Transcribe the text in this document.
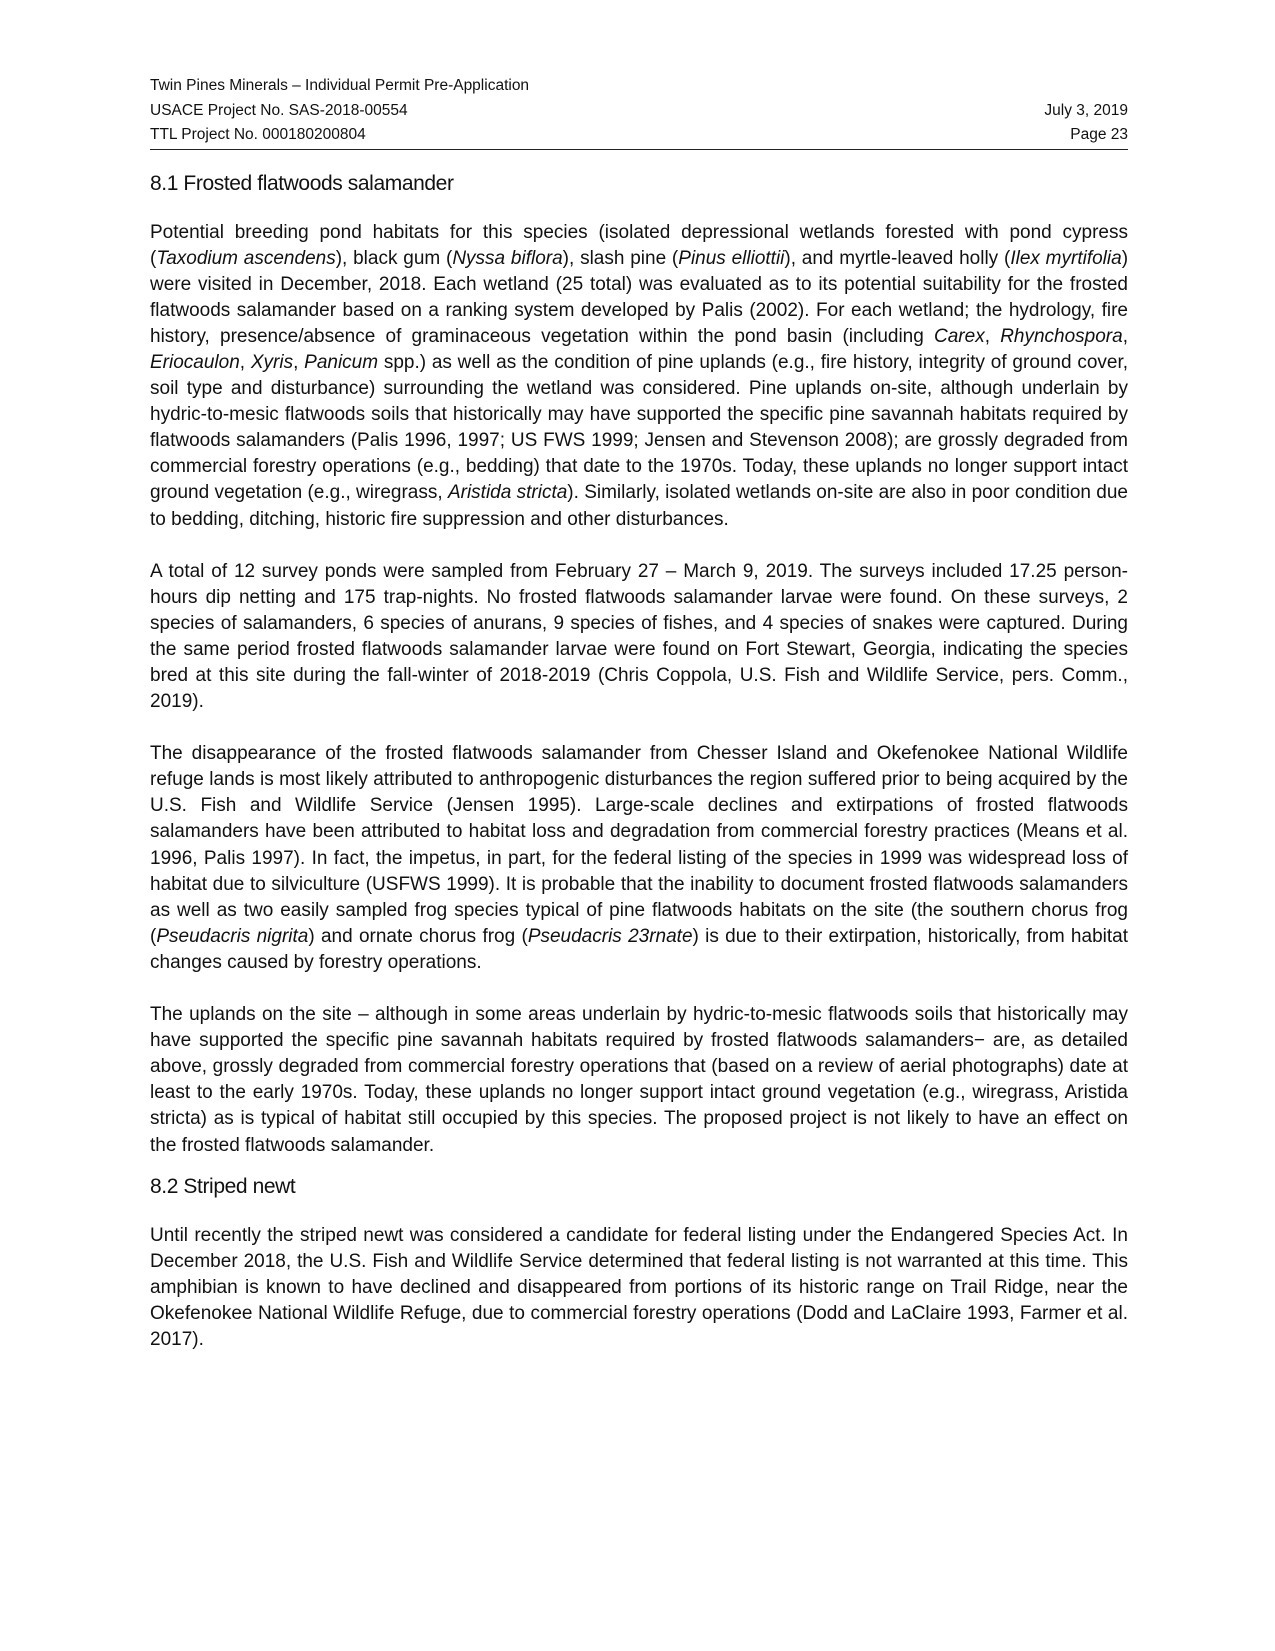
Twin Pines Minerals – Individual Permit Pre-Application
USACE Project No. SAS-2018-00554	July 3, 2019
TTL Project No. 000180200804	Page 23
8.1 Frosted flatwoods salamander

Potential breeding pond habitats for this species (isolated depressional wetlands forested with pond cypress (Taxodium ascendens), black gum (Nyssa biflora), slash pine (Pinus elliottii), and myrtle-leaved holly (Ilex myrtifolia) were visited in December, 2018. Each wetland (25 total) was evaluated as to its potential suitability for the frosted flatwoods salamander based on a ranking system developed by Palis (2002). For each wetland; the hydrology, fire history, presence/absence of graminaceous vegetation within the pond basin (including Carex, Rhynchospora, Eriocaulon, Xyris, Panicum spp.) as well as the condition of pine uplands (e.g., fire history, integrity of ground cover, soil type and disturbance) surrounding the wetland was considered. Pine uplands on-site, although underlain by hydric-to-mesic flatwoods soils that historically may have supported the specific pine savannah habitats required by flatwoods salamanders (Palis 1996, 1997; US FWS 1999; Jensen and Stevenson 2008); are grossly degraded from commercial forestry operations (e.g., bedding) that date to the 1970s. Today, these uplands no longer support intact ground vegetation (e.g., wiregrass, Aristida stricta). Similarly, isolated wetlands on-site are also in poor condition due to bedding, ditching, historic fire suppression and other disturbances.

A total of 12 survey ponds were sampled from February 27 – March 9, 2019. The surveys included 17.25 person-hours dip netting and 175 trap-nights. No frosted flatwoods salamander larvae were found. On these surveys, 2 species of salamanders, 6 species of anurans, 9 species of fishes, and 4 species of snakes were captured. During the same period frosted flatwoods salamander larvae were found on Fort Stewart, Georgia, indicating the species bred at this site during the fall-winter of 2018-2019 (Chris Coppola, U.S. Fish and Wildlife Service, pers. Comm., 2019).

The disappearance of the frosted flatwoods salamander from Chesser Island and Okefenokee National Wildlife refuge lands is most likely attributed to anthropogenic disturbances the region suffered prior to being acquired by the U.S. Fish and Wildlife Service (Jensen 1995). Large-scale declines and extirpations of frosted flatwoods salamanders have been attributed to habitat loss and degradation from commercial forestry practices (Means et al. 1996, Palis 1997). In fact, the impetus, in part, for the federal listing of the species in 1999 was widespread loss of habitat due to silviculture (USFWS 1999). It is probable that the inability to document frosted flatwoods salamanders as well as two easily sampled frog species typical of pine flatwoods habitats on the site (the southern chorus frog (Pseudacris nigrita) and ornate chorus frog (Pseudacris 23rnate) is due to their extirpation, historically, from habitat changes caused by forestry operations.

The uplands on the site – although in some areas underlain by hydric-to-mesic flatwoods soils that historically may have supported the specific pine savannah habitats required by frosted flatwoods salamanders− are, as detailed above, grossly degraded from commercial forestry operations that (based on a review of aerial photographs) date at least to the early 1970s. Today, these uplands no longer support intact ground vegetation (e.g., wiregrass, Aristida stricta) as is typical of habitat still occupied by this species. The proposed project is not likely to have an effect on the frosted flatwoods salamander.

8.2 Striped newt

Until recently the striped newt was considered a candidate for federal listing under the Endangered Species Act. In December 2018, the U.S. Fish and Wildlife Service determined that federal listing is not warranted at this time. This amphibian is known to have declined and disappeared from portions of its historic range on Trail Ridge, near the Okefenokee National Wildlife Refuge, due to commercial forestry operations (Dodd and LaClaire 1993, Farmer et al. 2017).
